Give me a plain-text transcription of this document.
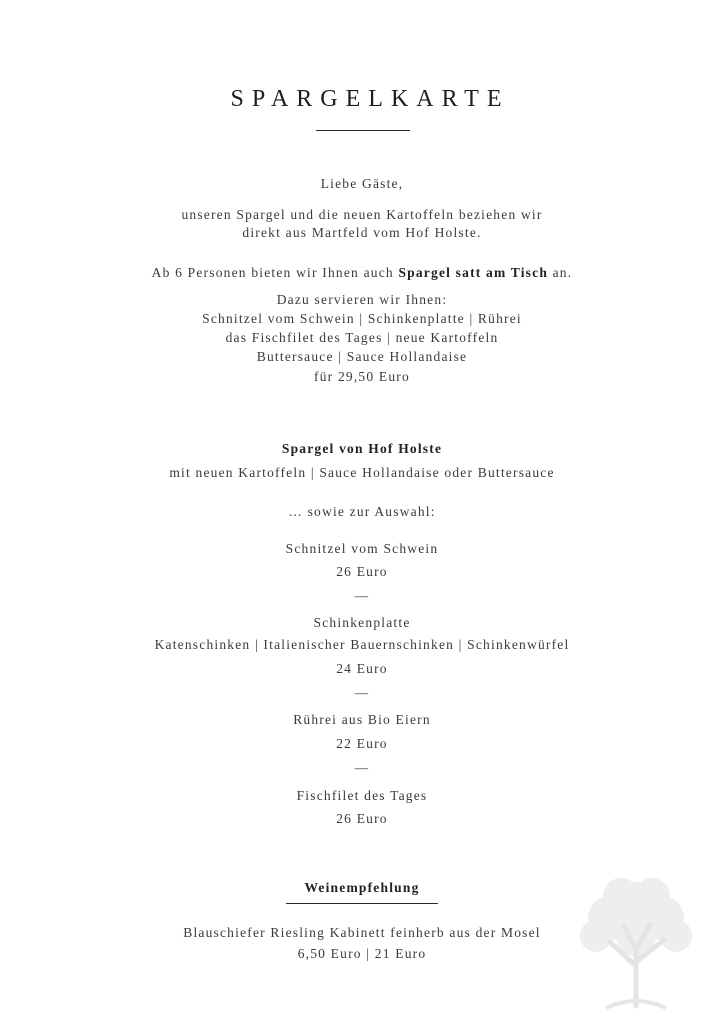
SPARGELKARTE
Liebe Gäste,
unseren Spargel und die neuen Kartoffeln beziehen wir
direkt aus Martfeld vom Hof Holste.
Ab 6 Personen bieten wir Ihnen auch Spargel satt am Tisch an.
Dazu servieren wir Ihnen:
Schnitzel vom Schwein | Schinkenplatte | Rührei
das Fischfilet des Tages | neue Kartoffeln
Buttersauce | Sauce Hollandaise
für 29,50 Euro
Spargel von Hof Holste
mit neuen Kartoffeln | Sauce Hollandaise oder Buttersauce
… sowie zur Auswahl:
Schnitzel vom Schwein
26 Euro
—
Schinkenplatte
Katenschinken | Italienischer Bauernschinken | Schinkenwürfel
24 Euro
—
Rührei aus Bio Eiern
22 Euro
—
Fischfilet des Tages
26 Euro
Weinempfehlung
Blauschiefer Riesling Kabinett feinherb aus der Mosel
6,50 Euro | 21 Euro
